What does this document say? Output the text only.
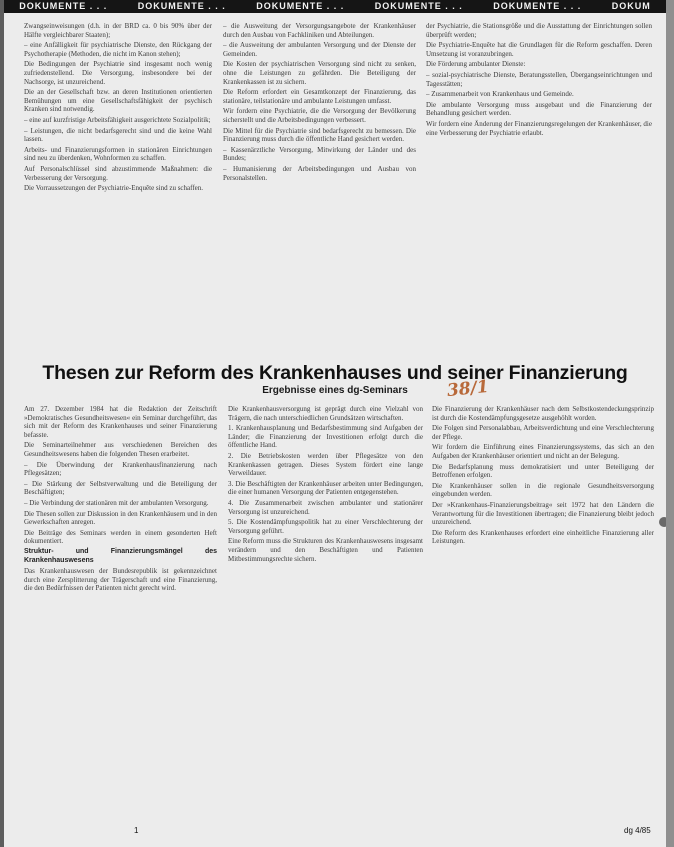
DOKUMENTE . . .	DOKUMENTE . . .	DOKUMENTE . . .	DOKUMENTE . . .	DOKUMENTE . . .	DOKUM

Zwangseinweisungen (d.h. in der BRD ca. 0 bis 90% über der Hälfte vergleichbarer Staaten);

– eine Anfälligkeit für psychiatrische Dienste, den Rückgang der Psychotherapie (Methoden, die nicht im Kanon stehen);

Die Bedingungen der Psychiatrie sind insgesamt noch wenig zufriedenstellend. Die Versorgung, insbesondere bei der Nachsorge, ist unzureichend.

Die an der Gesellschaft bzw. an deren Institutionen orientierten Bemühungen um eine Gesellschaftsfähigkeit der psychisch Kranken sind notwendig.

– eine auf kurzfristige Arbeitsfähigkeit ausgerichtete Sozialpolitik;

– Leistungen, die nicht bedarfsgerecht sind und die keine Wahl lassen.

Arbeits- und Finanzierungsformen in stationären Einrichtungen sind neu zu überdenken, Wohnformen zu schaffen.

Auf Personalschlüssel sind abzustimmende Maßnahmen: die Verbesserung der Versorgung.

Die Vorraussetzungen der Psychiatrie-Enquête sind zu schaffen.

– die Ausweitung der Versorgungsangebote der Krankenhäuser durch den Ausbau von Fachkliniken und Abteilungen.

– die Ausweitung der ambulanten Versorgung und der Dienste der Gemeinden.

Die Kosten der psychiatrischen Versorgung sind nicht zu senken, ohne die Leistungen zu gefährden. Die Beteiligung der Krankenkassen ist zu sichern.

Die Reform erfordert ein Gesamtkonzept der Finanzierung, das stationäre, teilstationäre und ambulante Leistungen umfasst.

Wir fordern eine Psychiatrie, die die Versorgung der Bevölkerung sicherstellt und die Arbeitsbedingungen verbessert.

Die Mittel für die Psychiatrie sind bedarfsgerecht zu bemessen. Die Finanzierung muss durch die öffentliche Hand gesichert werden.

– Kassenärztliche Versorgung, Mitwirkung der Länder und des Bundes;

– Humanisierung der Arbeitsbedingungen und Ausbau von Personalstellen.

der Psychiatrie, die Stationsgröße und die Ausstattung der Einrichtungen sollen überprüft werden;

Die Psychiatrie-Enquête hat die Grundlagen für die Reform geschaffen. Deren Umsetzung ist voranzubringen.

Die Förderung ambulanter Dienste:

– sozial-psychiatrische Dienste, Beratungsstellen, Übergangseinrichtungen und Tagesstätten;

– Zusammenarbeit von Krankenhaus und Gemeinde.

Die ambulante Versorgung muss ausgebaut und die Finanzierung der Behandlung gesichert werden.

Wir fordern eine Änderung der Finanzierungsregelungen der Krankenhäuser, die eine Verbesserung der Psychiatrie erlaubt.

Thesen zur Reform des Krankenhauses und seiner Finanzierung
Ergebnisse eines dg-Seminars	38/1

Am 27. Dezember 1984 hat die Redaktion der Zeitschrift »Demokratisches Gesundheitswesen« ein Seminar durchgeführt, das sich mit der Reform des Krankenhauses und seiner Finanzierung befasste.

Die Seminarteilnehmer aus verschiedenen Bereichen des Gesundheitswesens haben die folgenden Thesen erarbeitet.

– Die Überwindung der Krankenhausfinanzierung nach Pflegesätzen;

– Die Stärkung der Selbstverwaltung und die Beteiligung der Beschäftigten;

– Die Verbindung der stationären mit der ambulanten Versorgung.

Die Thesen sollen zur Diskussion in den Krankenhäusern und in den Gewerkschaften anregen.

Die Beiträge des Seminars werden in einem gesonderten Heft dokumentiert.

Struktur- und Finanzierungsmängel des Krankenhauswesens

Das Krankenhauswesen der Bundesrepublik ist gekennzeichnet durch eine Zersplitterung der Trägerschaft und eine Finanzierung, die den Bedürfnissen der Patienten nicht gerecht wird.

Die Krankenhausversorgung ist geprägt durch eine Vielzahl von Trägern, die nach unterschiedlichen Grundsätzen wirtschaften.

1. Krankenhausplanung und Bedarfsbestimmung sind Aufgaben der Länder; die Finanzierung der Investitionen erfolgt durch die öffentliche Hand.

2. Die Betriebskosten werden über Pflegesätze von den Krankenkassen getragen. Dieses System fördert eine lange Verweildauer.

3. Die Beschäftigten der Krankenhäuser arbeiten unter Bedingungen, die einer humanen Versorgung der Patienten entgegenstehen.

4. Die Zusammenarbeit zwischen ambulanter und stationärer Versorgung ist unzureichend.

5. Die Kostendämpfungspolitik hat zu einer Verschlechterung der Versorgung geführt.

Eine Reform muss die Strukturen des Krankenhauswesens insgesamt verändern und den Beschäftigten und Patienten Mitbestimmungsrechte sichern.

Die Finanzierung der Krankenhäuser nach dem Selbstkostendeckungsprinzip ist durch die Kostendämpfungsgesetze ausgehöhlt worden.

Die Folgen sind Personalabbau, Arbeitsverdichtung und eine Verschlechterung der Pflege.

Wir fordern die Einführung eines Finanzierungssystems, das sich an den Aufgaben der Krankenhäuser orientiert und nicht an der Belegung.

Die Bedarfsplanung muss demokratisiert und unter Beteiligung der Betroffenen erfolgen.

Die Krankenhäuser sollen in die regionale Gesundheitsversorgung eingebunden werden.

Der »Krankenhaus-Finanzierungsbeitrag« seit 1972 hat den Ländern die Verantwortung für die Investitionen übertragen; die Finanzierung bleibt jedoch unzureichend.

Die Reform des Krankenhauses erfordert eine einheitliche Finanzierung aller Leistungen.

1	dg 4/85
